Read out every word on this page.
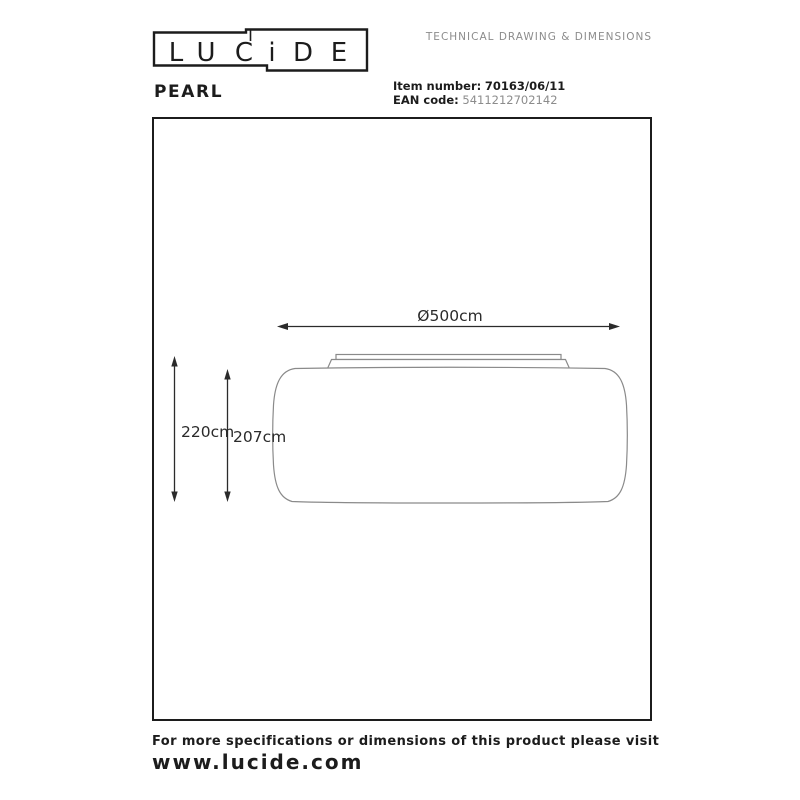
L U C i D E
TECHNICAL DRAWING & DIMENSIONS
PEARL	Item number: 70163/06/11
EAN code: 5411212702142
Ø500cm
220cm
207cm
For more specifications or dimensions of this product please visit
www.lucide.com
